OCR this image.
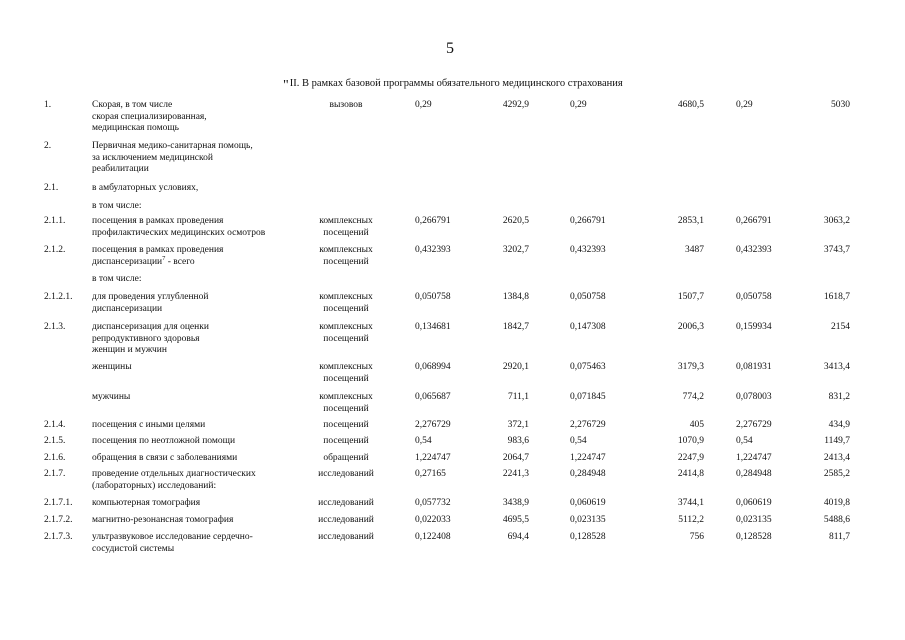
5
"II. В рамках базовой программы обязательного медицинского страхования
1.	Скорая, в том числе
скорая специализированная,
медицинская помощь
вызовов	0,29	4292,9	0,29	4680,5	0,29	5030
2.	Первичная медико-санитарная помощь,
за исключением медицинской
реабилитации
2.1.	в амбулаторных условиях,
в том числе:
2.1.1.	посещения в рамках проведения
профилактических медицинских осмотров
комплексных
посещений
0,266791	2620,5	0,266791	2853,1	0,266791	3063,2
2.1.2.	посещения в рамках проведения
диспансеризации$^7$ - всего
комплексных
посещений
0,432393	3202,7	0,432393	3487	0,432393	3743,7
в том числе:
2.1.2.1.	для проведения углубленной
диспансеризации
комплексных
посещений
0,050758	1384,8	0,050758	1507,7	0,050758	1618,7
2.1.3.	диспансеризация для оценки
репродуктивного здоровья
женщин и мужчин
комплексных
посещений
0,134681	1842,7	0,147308	2006,3	0,159934	2154
женщины	комплексных
посещений
0,068994	2920,1	0,075463	3179,3	0,081931	3413,4
мужчины	комплексных
посещений
0,065687	711,1	0,071845	774,2	0,078003	831,2
2.1.4.	посещения с иными целями	посещений	2,276729	372,1	2,276729	405	2,276729	434,9
2.1.5.	посещения по неотложной помощи	посещений	0,54	983,6	0,54	1070,9	0,54	1149,7
2.1.6.	обращения в связи с заболеваниями	обращений	1,224747	2064,7	1,224747	2247,9	1,224747	2413,4
2.1.7.	проведение отдельных диагностических
(лабораторных) исследований:
исследований	0,27165	2241,3	0,284948	2414,8	0,284948	2585,2
2.1.7.1.	компьютерная томография	исследований	0,057732	3438,9	0,060619	3744,1	0,060619	4019,8
2.1.7.2.	магнитно-резонансная томография	исследований	0,022033	4695,5	0,023135	5112,2	0,023135	5488,6
2.1.7.3.	ультразвуковое исследование сердечно-
сосудистой системы
исследований	0,122408	694,4	0,128528	756	0,128528	811,7
